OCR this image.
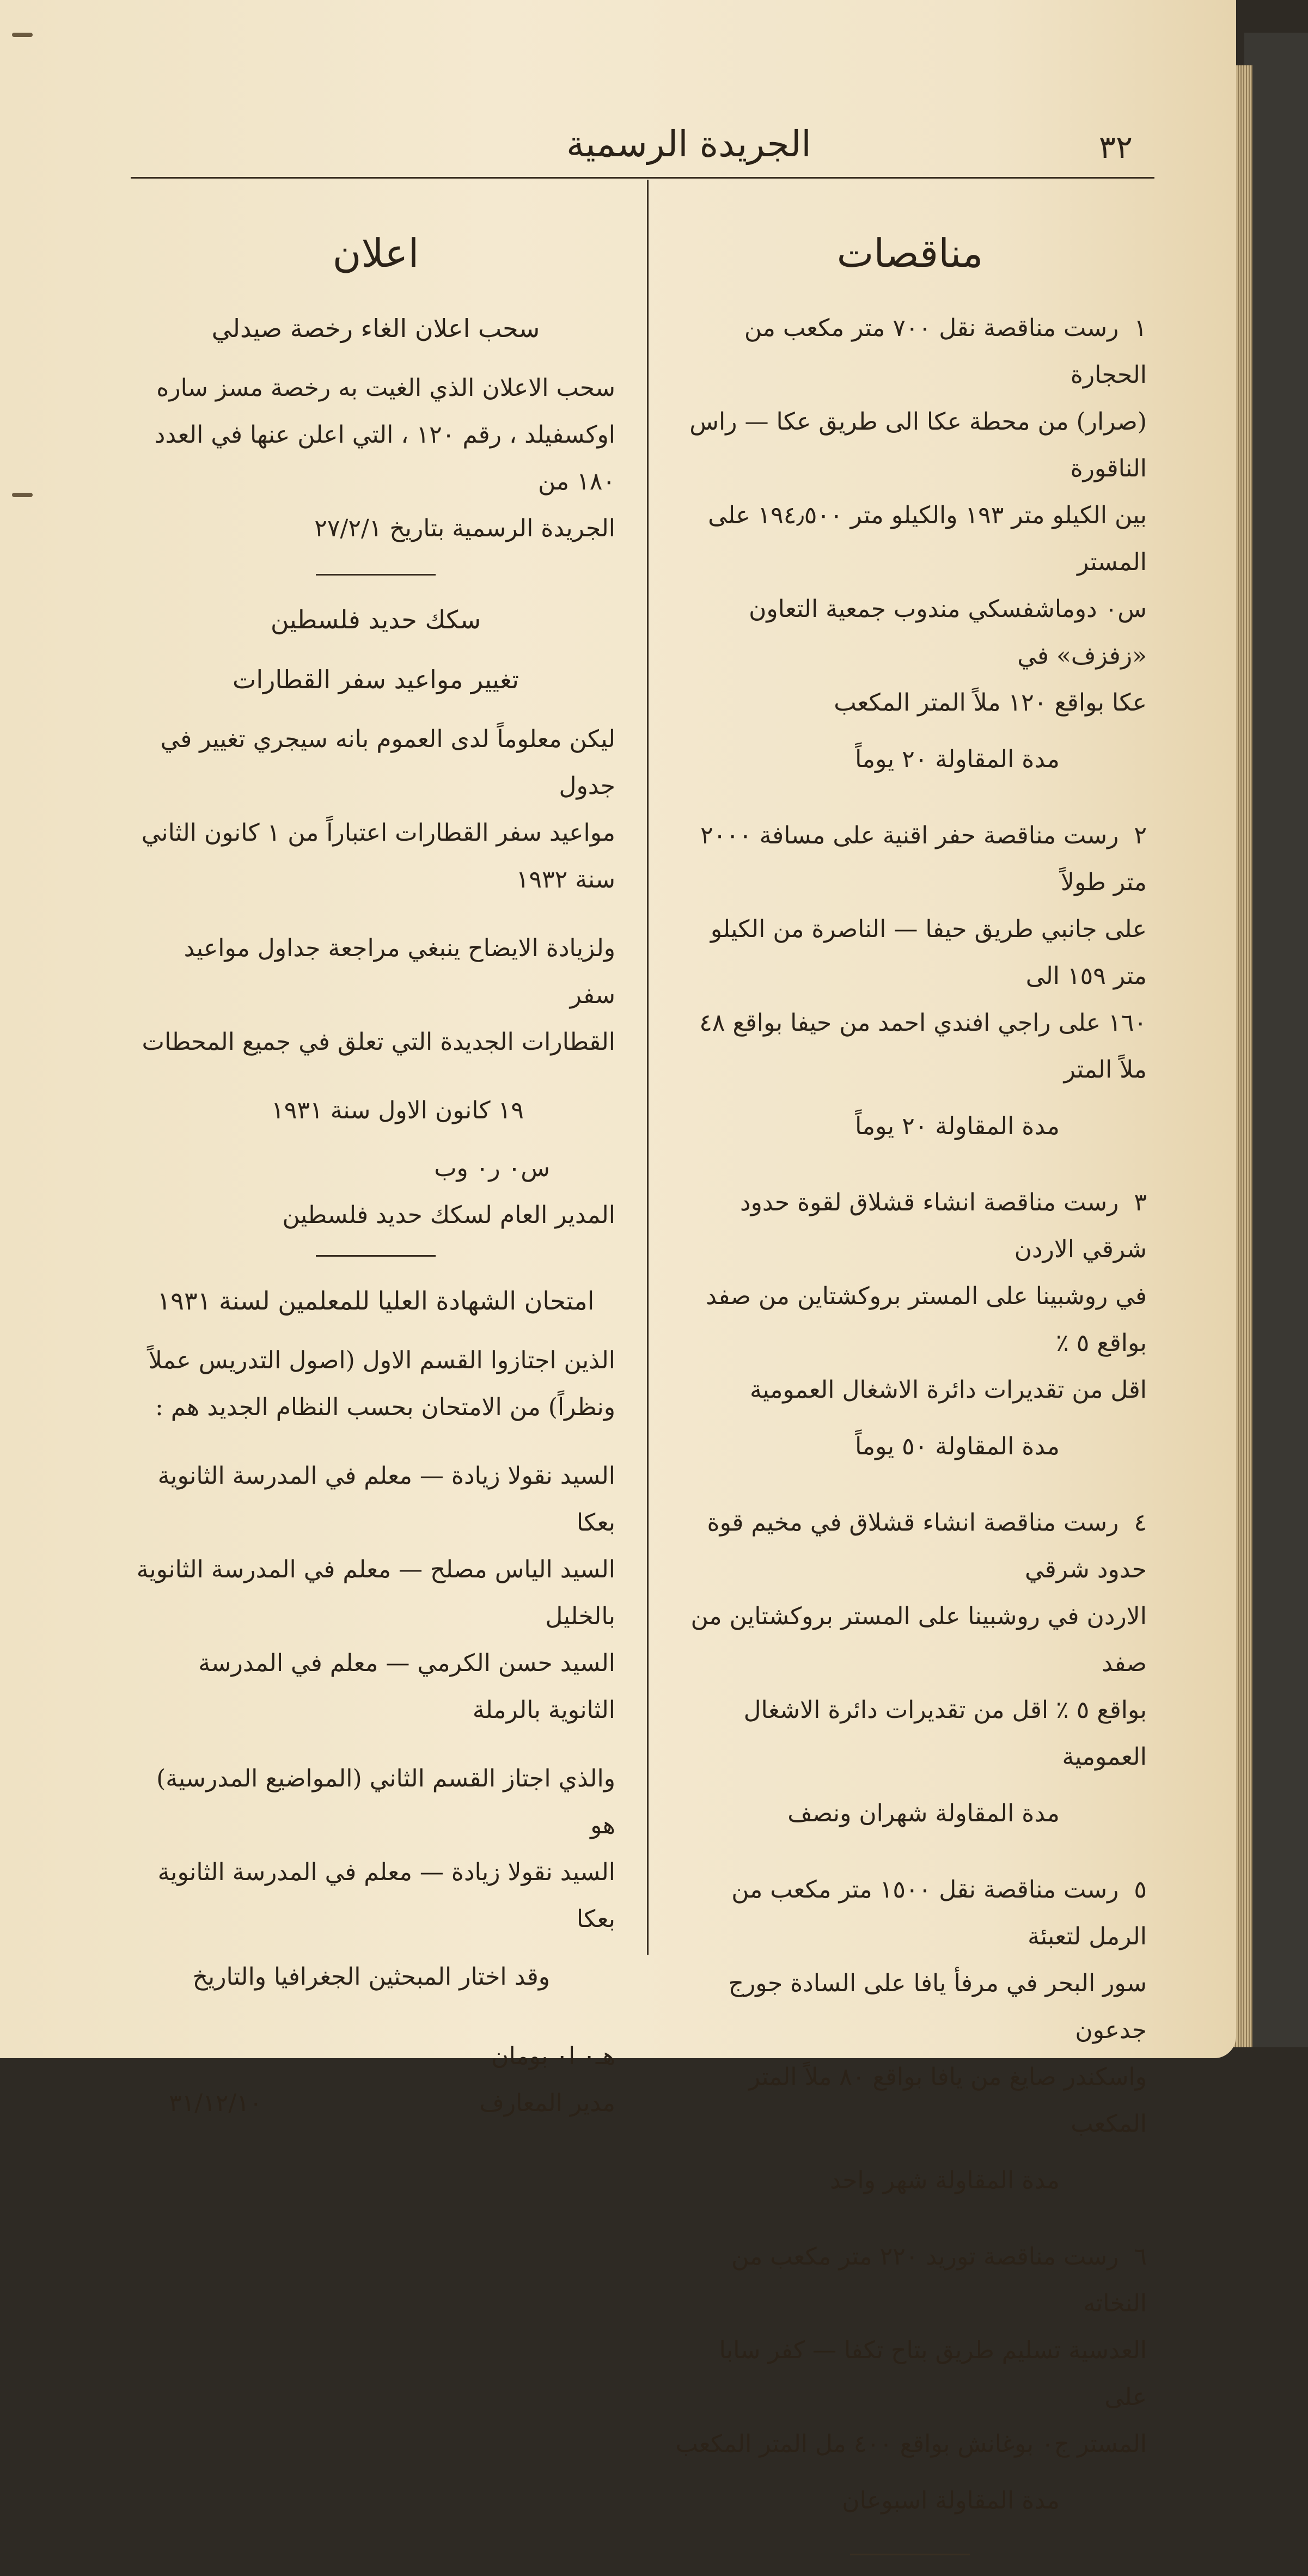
٣٢
الجريدة الرسمية
مناقصات

١رست مناقصة نقل ٧٠٠ متر مكعب من الحجارة

(صرار) من محطة عكا الى طريق عكا — راس الناقورة

بين الكيلو متر ١٩٣ والكيلو متر ١٩٤٫٥٠٠ على المستر

س٠ دوماشفسكي مندوب جمعية التعاون «زفزف» في

عكا بواقع ١٢٠ ملاً المتر المكعب

مدة المقاولة ٢٠ يوماً

٢رست مناقصة حفر اقنية على مسافة ٢٠٠٠ متر طولاً

على جانبي طريق حيفا — الناصرة من الكيلو متر ١٥٩ الى

١٦٠ على راجي افندي احمد من حيفا بواقع ٤٨ ملاً المتر

مدة المقاولة ٢٠ يوماً

٣رست مناقصة انشاء قشلاق لقوة حدود شرقي الاردن

في روشبينا على المستر بروكشتاين من صفد بواقع ٥ ٪

اقل من تقديرات دائرة الاشغال العمومية

مدة المقاولة ٥٠ يوماً

٤رست مناقصة انشاء قشلاق في مخيم قوة حدود شرقي

الاردن في روشبينا على المستر بروكشتاين من صفد

بواقع ٥ ٪ اقل من تقديرات دائرة الاشغال العمومية

مدة المقاولة شهران ونصف

٥رست مناقصة نقل ١٥٠٠ متر مكعب من الرمل لتعبئة

سور البحر في مرفأ يافا على السادة جورج جدعون

واسكندر صايغ من يافا بواقع ٨٠ ملاً المتر المكعب

مدة المقاولة شهر واحد

٦رست مناقصة توريد ٢٢٠ متر مكعب من النخاته

العدسية تسليم طريق بتاح تكفا — كفر سابا على

المستر ج٠ بوغانش بواقع ٤٠٠ مل المتر المكعب

مدة المقاولة اسبوعان

اعلان
سحب اعلان الغاء رخصة صيدلي

سحب الاعلان الذي الغيت به رخصة مسز ساره

اوكسفيلد ، رقم ١٢٠ ، التي اعلن عنها في العدد ١٨٠ من

الجريدة الرسمية بتاريخ ٢٧/٢/١

سكك حديد فلسطين
تغيير مواعيد سفر القطارات

ليكن معلوماً لدى العموم بانه سيجري تغيير في جدول

مواعيد سفر القطارات اعتباراً من ١ كانون الثاني

سنة ١٩٣٢

ولزيادة الايضاح ينبغي مراجعة جداول مواعيد سفر

القطارات الجديدة التي تعلق في جميع المحطات

١٩ كانون الاول سنة ١٩٣١

س٠ ر٠ وب

المدير العام لسكك حديد فلسطين

امتحان الشهادة العليا للمعلمين لسنة ١٩٣١

الذين اجتازوا القسم الاول (اصول التدريس عملاً

ونظراً) من الامتحان بحسب النظام الجديد هم :

السيد نقولا زيادة — معلم في المدرسة الثانوية بعكا

السيد الياس مصلح — معلم في المدرسة الثانوية بالخليل

السيد حسن الكرمي — معلم في المدرسة الثانوية بالرملة

والذي اجتاز القسم الثاني (المواضيع المدرسية) هو

السيد نقولا زيادة — معلم في المدرسة الثانوية بعكا

وقد اختار المبحثين الجغرافيا والتاريخ

هـ٠ ا٠ بومان

مدير المعارف

٣١/١٢/١٠
